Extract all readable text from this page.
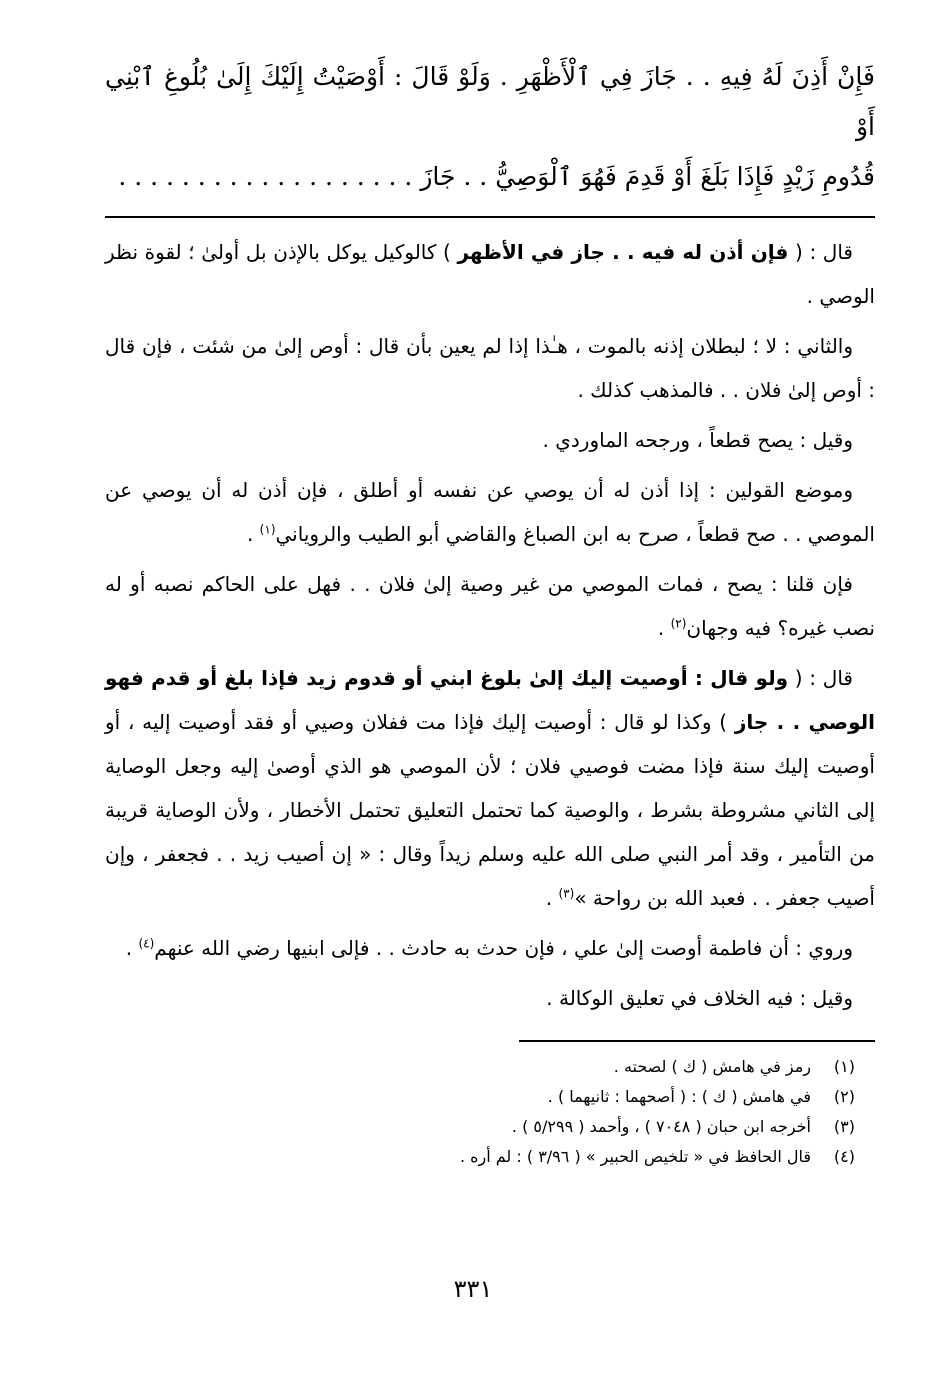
فَإِنْ أَذِنَ لَهُ فِيهِ . . جَازَ فِي ٱلْأَظْهَرِ . وَلَوْ قَالَ : أَوْصَيْتُ إِلَيْكَ إِلَىٰ بُلُوغِ ٱبْنِي أَوْ
قُدُومِ زَيْدٍ فَإِذَا بَلَغَ أَوْ قَدِمَ فَهُوَ ٱلْوَصِيُّ . . جَازَ . . . . . . . . . . . . . . . . . . .

قال : ( فإن أذن له فيه . . جاز في الأظهر ) كالوكيل يوكل بالإذن بل أولىٰ ؛ لقوة نظر الوصي .

والثاني : لا ؛ لبطلان إذنه بالموت ، هـٰذا إذا لم يعين بأن قال : أوص إلىٰ من شئت ، فإن قال : أوص إلىٰ فلان . . فالمذهب كذلك .

وقيل : يصح قطعاً ، ورجحه الماوردي .

وموضع القولين : إذا أذن له أن يوصي عن نفسه أو أطلق ، فإن أذن له أن يوصي عن الموصي . . صح قطعاً ، صرح به ابن الصباغ والقاضي أبو الطيب والروياني$^{(١)}$ .

فإن قلنا : يصح ، فمات الموصي من غير وصية إلىٰ فلان . . فهل على الحاكم نصبه أو له نصب غيره؟ فيه وجهان$^{(٢)}$ .

قال : ( ولو قال : أوصيت إليك إلىٰ بلوغ ابني أو قدوم زيد فإذا بلغ أو قدم فهو الوصي . . جاز ) وكذا لو قال : أوصيت إليك فإذا مت ففلان وصيي أو فقد أوصيت إليه ، أو أوصيت إليك سنة فإذا مضت فوصيي فلان ؛ لأن الموصي هو الذي أوصىٰ إليه وجعل الوصاية إلى الثاني مشروطة بشرط ، والوصية كما تحتمل التعليق تحتمل الأخطار ، ولأن الوصاية قريبة من التأمير ، وقد أمر النبي صلى الله عليه وسلم زيداً وقال : « إن أصيب زيد . . فجعفر ، وإن أصيب جعفر . . فعبد الله بن رواحة »$^{(٣)}$ .

وروي : أن فاطمة أوصت إلىٰ علي ، فإن حدث به حادث . . فإلى ابنيها رضي الله عنهم$^{(٤)}$ .

وقيل : فيه الخلاف في تعليق الوكالة .

(١)
رمز في هامش ( ك ) لصحته .
(٢)
في هامش ( ك ) : ( أصحهما : ثانيهما ) .
(٣)
أخرجه ابن حبان ( ٧٠٤٨ ) ، وأحمد ( ٥/٢٩٩ ) .
(٤)
قال الحافظ في « تلخيص الحبير » ( ٣/٩٦ ) : لم أره .
٣٣١
